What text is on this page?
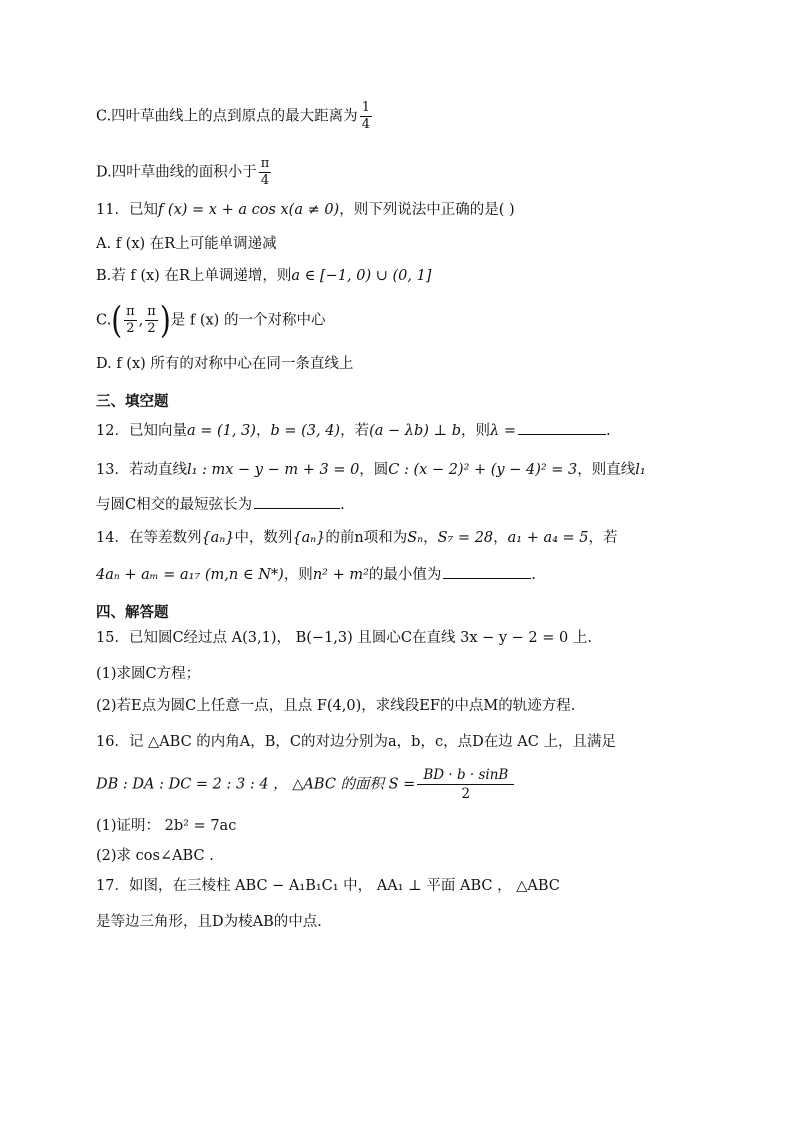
C.四叶草曲线上的点到原点的最大距离为 $\frac{1}{4}$
D.四叶草曲线的面积小于 $\frac{\pi}{4}$
11．已知f (x) = x + a cos x(a ≠ 0)，则下列说法中正确的是( )
A. f (x) 在R上可能单调递减
B.若 f (x) 在R上单调递增，则a ∈ [−1, 0) ∪ (0, 1]
$C.( \frac{\pi}{2}$ , $\frac{\pi}{2}$ )是 f (x) 的一个对称中心
D. f (x) 所有的对称中心在同一条直线上
三、填空题
12．已知向量a = (1, 3)，b = (3, 4)，若(a − λb) ⊥ b，则λ =	.
13．若动直线l₁ : mx − y − m + 3 = 0，圆C : (x − 2)² + (y − 4)² = 3，则直线l₁
与圆C相交的最短弦长为	.
14．在等差数列{aₙ}中，数列{aₙ}的前n项和为Sₙ，S₇ = 28，a₁ + a₄ = 5，若
4aₙ + aₘ = a₁₇ (m,n ∈ N*)，则n² + m²的最小值为	.
四、解答题
15．已知圆C经过点 A(3,1)， B(−1,3) 且圆心C在直线 3x − y − 2 = 0 上.
(1)求圆C方程；
(2)若E点为圆C上任意一点，且点 F(4,0)，求线段EF的中点M的轨迹方程.
16．记 △ABC 的内角A，B，C的对边分别为a，b，c，点D在边 AC 上，且满足
DB : DA : DC = 2 : 3 : 4 ， △ABC 的面积 $S = \frac{BD \cdot b \cdot \sin B}{2}$
(1)证明： 2b² = 7ac
(2)求 cos∠ABC .
17．如图，在三棱柱 ABC − A₁B₁C₁ 中， AA₁ ⊥ 平面 ABC ， △ABC
是等边三角形，且D为棱AB的中点.
